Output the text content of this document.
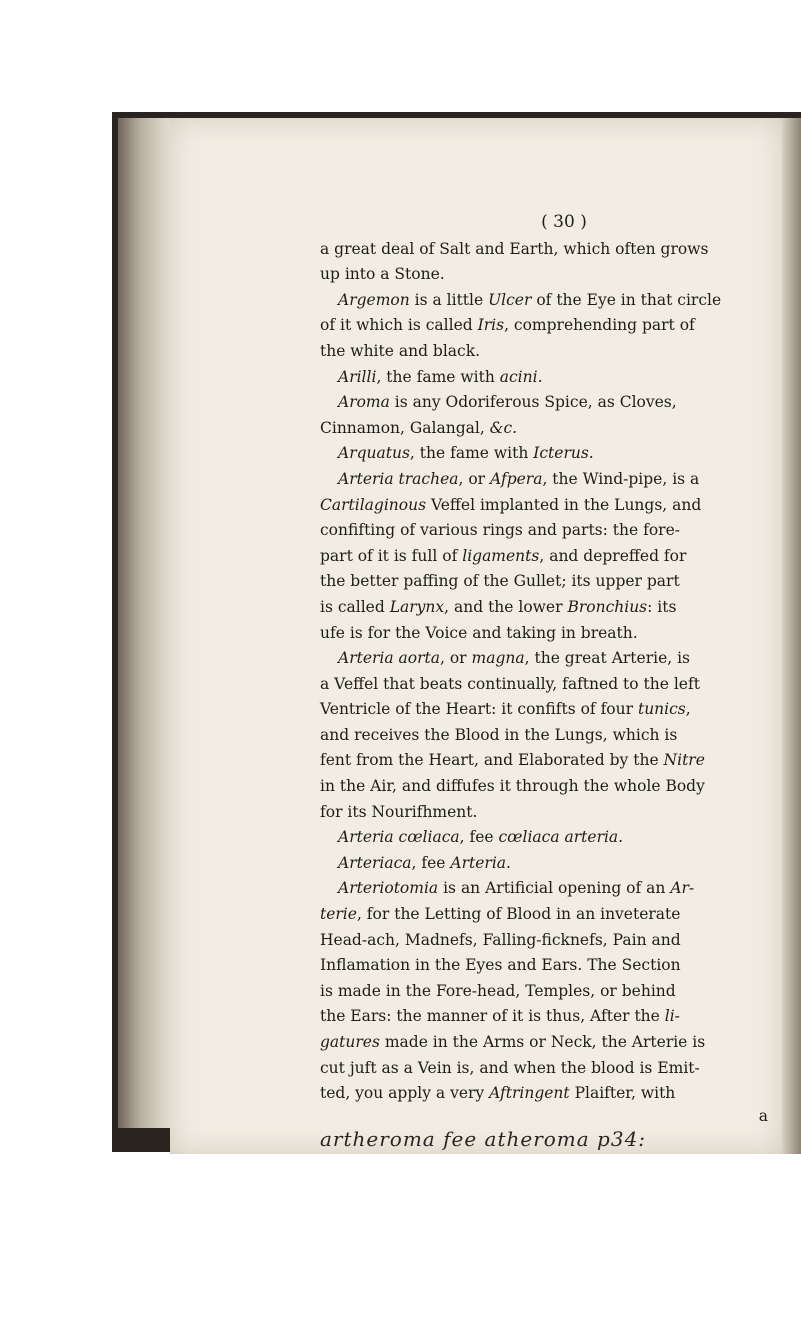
( 30 )
a great deal of Salt and Earth, which often grows
up into a Stone.
Argemon is a little Ulcer of the Eye in that circle
of it which is called Iris, comprehending part of
the white and black.
Arilli, the fame with acini.
Aroma is any Odoriferous Spice, as Cloves,
Cinnamon, Galangal, &c.
Arquatus, the fame with Icterus.
Arteria trachea, or Afpera, the Wind-pipe, is a
Cartilaginous Veffel implanted in the Lungs, and
confifting of various rings and parts: the fore-
part of it is full of ligaments, and depreffed for
the better paffing of the Gullet; its upper part
is called Larynx, and the lower Bronchius: its
ufe is for the Voice and taking in breath.
Arteria aorta, or magna, the great Arterie, is
a Veffel that beats continually, faftned to the left
Ventricle of the Heart: it confifts of four tunics,
and receives the Blood in the Lungs, which is
fent from the Heart, and Elaborated by the Nitre
in the Air, and diffufes it through the whole Body
for its Nourifhment.
Arteria cœliaca, fee cœliaca arteria.
Arteriaca, fee Arteria.
Arteriotomia is an Artificial opening of an Ar-
terie, for the Letting of Blood in an inveterate
Head-ach, Madnefs, Falling-ficknefs, Pain and
Inflamation in the Eyes and Ears. The Section
is made in the Fore-head, Temples, or behind
the Ears: the manner of it is thus, After the li-
gatures made in the Arms or Neck, the Arterie is
cut juft as a Vein is, and when the blood is Emit-
ted, you apply a very Aftringent Plaifter, with
a
artheroma fee atheroma p34:
